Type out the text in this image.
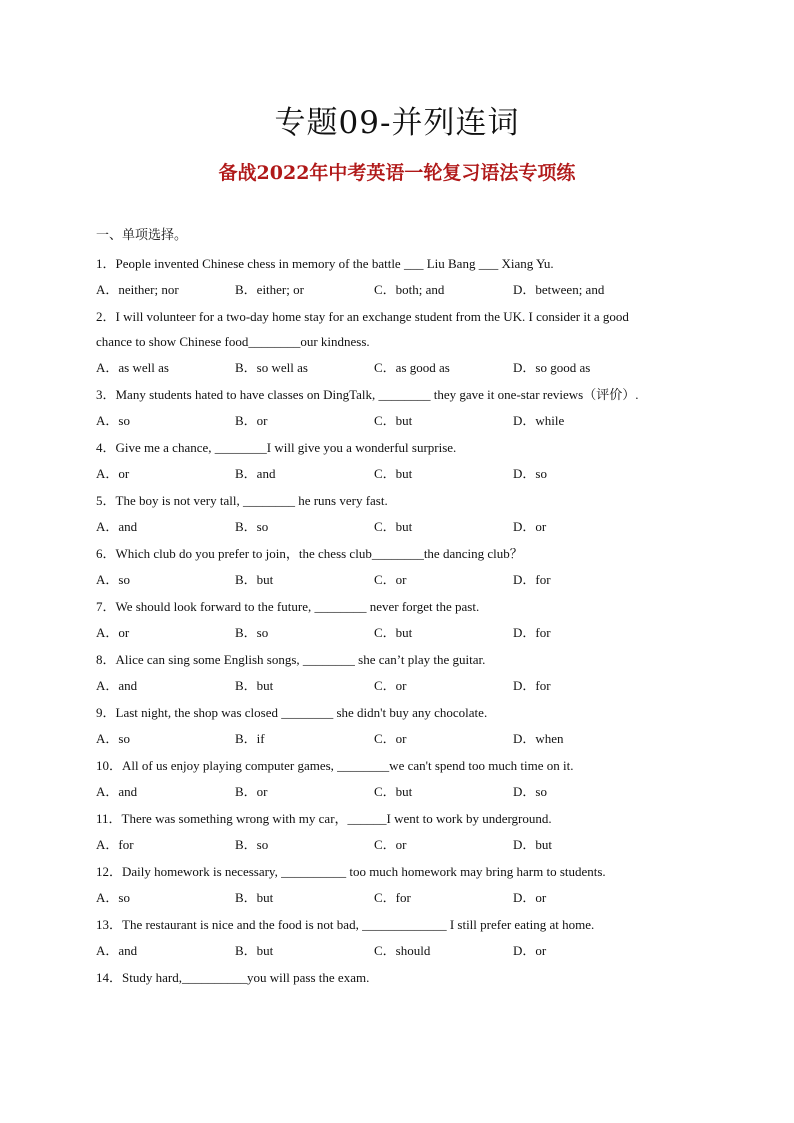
专题09-并列连词
备战2022年中考英语一轮复习语法专项练
一、单项选择。
1．People invented Chinese chess in memory of the battle ___ Liu Bang ___ Xiang Yu.
A．neither; nor	B．either; or	C．both; and	D．between; and
2．I will volunteer for a two-day home stay for an exchange student from the UK. I consider it a good
chance to show Chinese food________our kindness.
A．as well as	B．so well as	C．as good as	D．so good as
3．Many students hated to have classes on DingTalk, ________ they gave it one-star reviews（评价）.
A．so	B．or	C．but	D．while
4．Give me a chance, ________I will give you a wonderful surprise.
A．or	B．and	C．but	D．so
5．The boy is not very tall, ________ he runs very fast.
A．and	B．so	C．but	D．or
6．Which club do you prefer to join，the chess club________the dancing club？
A．so	B．but	C．or	D．for
7．We should look forward to the future, ________ never forget the past.
A．or	B．so	C．but	D．for
8．Alice can sing some English songs, ________ she can’t play the guitar.
A．and	B．but	C．or	D．for
9．Last night, the shop was closed ________ she didn't buy any chocolate.
A．so	B．if	C．or	D．when
10．All of us enjoy playing computer games, ________we can't spend too much time on it.
A．and	B．or	C．but	D．so
11．There was something wrong with my car，______I went to work by underground.
A．for	B．so	C．or	D．but
12．Daily homework is necessary, __________ too much homework may bring harm to students.
A．so	B．but	C．for	D．or
13．The restaurant is nice and the food is not bad, _____________ I still prefer eating at home.
A．and	B．but	C．should	D．or
14．Study hard,__________you will pass the exam.
